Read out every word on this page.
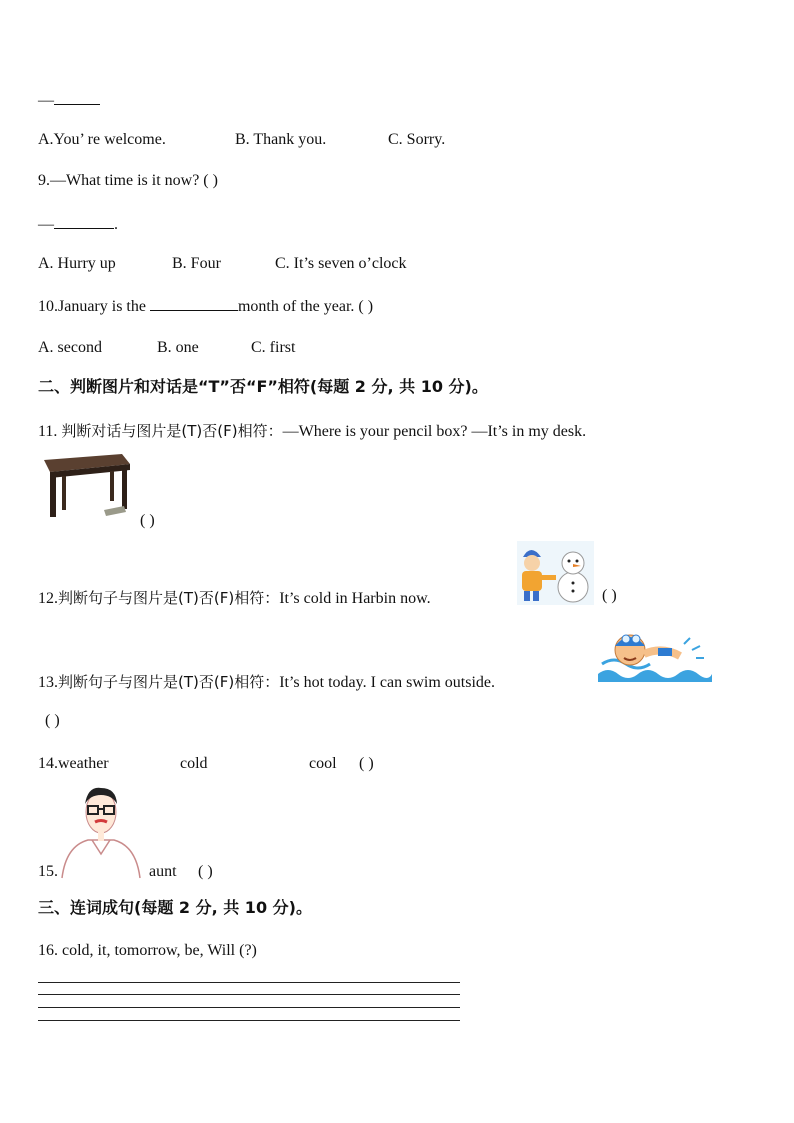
—
A.You’ re welcome.	B. Thank you.	C. Sorry.
9.—What time is it now? ( )
—	.
A. Hurry up	B. Four	C. It’s seven o’clock
10.January is the	month of the year. ( )
A. second	B. one	C. first
二、判断图片和对话是“T”否“F”相符(每题 2 分, 共 10 分)。
11. 判断对话与图片是(T)否(F)相符：—Where is your pencil box? —It’s in my desk.
( )
12.判断句子与图片是(T)否(F)相符：It’s cold in Harbin now.	( )
13.判断句子与图片是(T)否(F)相符：It’s hot today. I can swim outside.
( )
14.weather	cold	cool ( )
15.	aunt ( )
三、连词成句(每题 2 分, 共 10 分)。
16. cold, it, tomorrow, be, Will (?)
